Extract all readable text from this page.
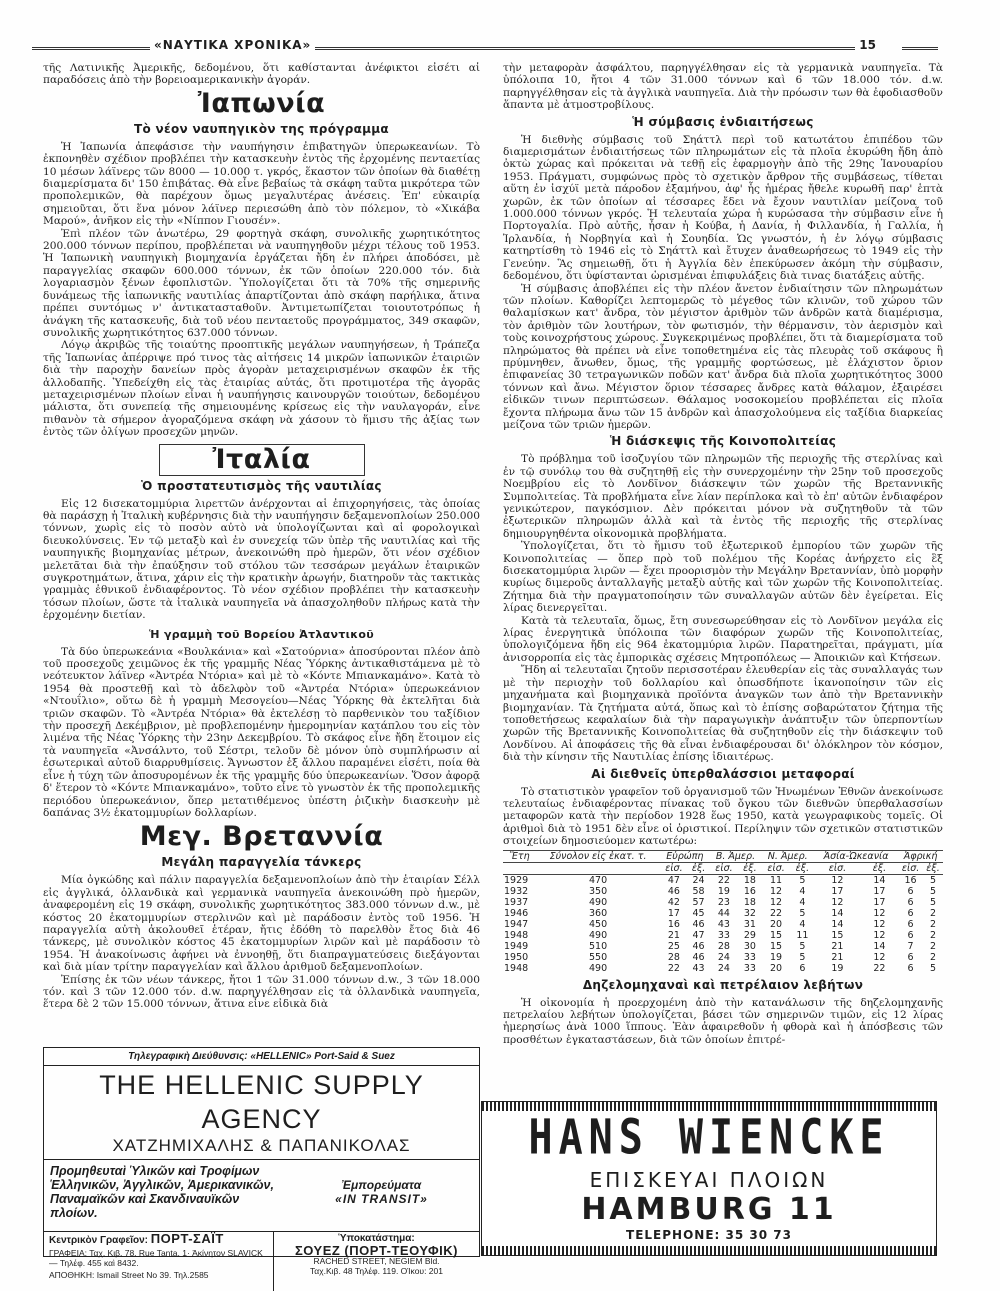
«ΝΑΥΤΙΚΑ ΧΡΟΝΙΚΑ»	15

τῆς Λατινικῆς Ἀμερικῆς, δεδομένου, ὅτι καθίστανται ἀνέφικτοι εἰσέτι αἱ παραδόσεις ἀπὸ τὴν βορειοαμερικανικὴν ἀγοράν.

Ἰαπωνία
Τὸ νέον ναυπηγικὸν της πρόγραμμα

Ἡ Ἰαπωνία ἀπεφάσισε τὴν ναυπήγησιν ἐπιβατηγῶν ὑπερωκεανίων. Τὸ ἐκπονηθὲν σχέδιον προβλέπει τὴν κατασκευὴν ἐντὸς τῆς ἐρχομένης πενταετίας 10 μέσων λάϊνερς τῶν 8000 — 10.000 τ. γκρός, ἕκαστον τῶν ὁποίων θὰ διαθέτῃ διαμερίσματα δι' 150 ἐπιβάτας. Θὰ εἶνε βεβαίως τὰ σκάφη ταῦτα μικρότερα τῶν προπολεμικῶν, θὰ παρέχουν ὅμως μεγαλυτέρας ἀνέσεις. Ἐπ' εὐκαιρίᾳ σημειοῦται, ὅτι ἕνα μόνον λάϊνερ περιεσώθη ἀπὸ τὸν πόλεμον, τὸ «Χικάβα Μαρού», ἀνῆκον εἰς τὴν «Νίππον Γιουσέν».

Ἐπὶ πλέον τῶν ἀνωτέρω, 29 φορτηγὰ σκάφη, συνολικῆς χωρητικότητος 200.000 τόννων περίπου, προβλέπεται νὰ ναυπηγηθοῦν μέχρι τέλους τοῦ 1953. Ἡ Ἰαπωνικὴ ναυπηγικὴ βιομηχανία ἐργάζεται ἤδη ἐν πλήρει ἀποδόσει, μὲ παραγγελίας σκαφῶν 600.000 τόννων, ἐκ τῶν ὁποίων 220.000 τόν. διὰ λογαριασμὸν ξένων ἐφοπλιστῶν. Ὑπολογίζεται ὅτι τὰ 70% τῆς σημερινῆς δυνάμεως τῆς ἰαπωνικῆς ναυτιλίας ἀπαρτίζονται ἀπὸ σκάφη παρήλικα, ἅτινα πρέπει συντόμως ν' ἀντικατασταθοῦν. Ἀντιμετωπίζεται τοιουτοτρόπως ἡ ἀνάγκη τῆς κατασκευῆς, διὰ τοῦ νέου πενταετοῦς προγράμματος, 349 σκαφῶν, συνολικῆς χωρητικότητος 637.000 τόννων.

Λόγῳ ἀκριβῶς τῆς τοιαύτης προοπτικῆς μεγάλων ναυπηγήσεων, ἡ Τράπεζα τῆς Ἰαπωνίας ἀπέρριψε πρό τινος τὰς αἰτήσεις 14 μικρῶν ἰαπωνικῶν ἑταιριῶν διὰ τὴν παροχὴν δανείων πρὸς ἀγορὰν μεταχειρισμένων σκαφῶν ἐκ τῆς ἀλλοδαπῆς. Ὑπεδείχθη εἰς τὰς ἑταιρίας αὐτάς, ὅτι προτιμοτέρα τῆς ἀγορᾶς μεταχειρισμένων πλοίων εἶναι ἡ ναυπήγησις καινουργῶν τοιούτων, δεδομένου μάλιστα, ὅτι συνεπείᾳ τῆς σημειουμένης κρίσεως εἰς τὴν ναυλαγοράν, εἶνε πιθανὸν τὰ σήμερον ἀγοραζόμενα σκάφη νὰ χάσουν τὸ ἥμισυ τῆς ἀξίας των ἐντὸς τῶν ὀλίγων προσεχῶν μηνῶν.

Ἰταλία
Ὁ προστατευτισμὸς τῆς ναυτιλίας

Εἰς 12 δισεκατομμύρια λιρεττῶν ἀνέρχονται αἱ ἐπιχορηγήσεις, τὰς ὁποίας θὰ παράσχῃ ἡ Ἰταλικὴ κυβέρνησις διὰ τὴν ναυπήγησιν δεξαμενοπλοίων 250.000 τόννων, χωρὶς εἰς τὸ ποσὸν αὐτὸ νὰ ὑπολογίζωνται καὶ αἱ φορολογικαὶ διευκολύνσεις. Ἐν τῷ μεταξὺ καὶ ἐν συνεχείᾳ τῶν ὑπὲρ τῆς ναυτιλίας καὶ τῆς ναυπηγικῆς βιομηχανίας μέτρων, ἀνεκοινώθη πρὸ ἡμερῶν, ὅτι νέον σχέδιον μελετᾶται διὰ τὴν ἐπαύξησιν τοῦ στόλου τῶν τεσσάρων μεγάλων ἑταιρικῶν συγκροτημάτων, ἅτινα, χάριν εἰς τὴν κρατικὴν ἀρωγήν, διατηροῦν τὰς τακτικὰς γραμμὰς ἐθνικοῦ ἐνδιαφέροντος. Τὸ νέον σχέδιον προβλέπει τὴν κατασκευὴν τόσων πλοίων, ὥστε τὰ ἰταλικὰ ναυπηγεῖα νὰ ἀπασχοληθοῦν πλήρως κατὰ τὴν ἐρχομένην διετίαν.

Ἡ γραμμὴ τοῦ Βορείου Ἀτλαντικοῦ

Τὰ δύο ὑπερωκεάνια «Βουλκάνια» καὶ «Σατούρνια» ἀποσύρονται πλέον ἀπὸ τοῦ προσεχοῦς χειμῶνος ἐκ τῆς γραμμῆς Νέας Ὑόρκης ἀντικαθιστάμενα μὲ τὸ νεότευκτον λάϊνερ «Ἀντρέα Ντόρια» καὶ μὲ τὸ «Κόντε Μπιανκαμάνο». Κατὰ τὸ 1954 θὰ προστεθῇ καὶ τὸ ἀδελφὸν τοῦ «Ἀντρέα Ντόρια» ὑπερωκεάνιον «Ντουΐλιο», οὕτω δὲ ἡ γραμμὴ Μεσογείου—Νέας Ὑόρκης θὰ ἐκτελῆται διὰ τριῶν σκαφῶν. Τὸ «Ἀντρέα Ντόρια» θὰ ἐκτελέσῃ τὸ παρθενικὸν του ταξίδιον τὴν προσεχῆ Δεκέμβριον, μὲ προβλεπομένην ἡμερομηνίαν κατάπλου του εἰς τὸν λιμένα τῆς Νέας Ὑόρκης τὴν 23ην Δεκεμβρίου. Τὸ σκάφος εἶνε ἤδη ἕτοιμον εἰς τὰ ναυπηγεῖα «Ἀνσάλντο, τοῦ Σέστρι, τελοῦν δὲ μόνον ὑπὸ συμπλήρωσιν αἱ ἐσωτερικαὶ αὐτοῦ διαρρυθμίσεις. Ἄγνωστον ἐξ ἄλλου παραμένει εἰσέτι, ποία θὰ εἶνε ἡ τύχη τῶν ἀποσυρομένων ἐκ τῆς γραμμῆς δύο ὑπερωκεανίων. Ὅσον ἀφορᾷ δ' ἕτερον τὸ «Κόντε Μπιανκαμάνο», τοῦτο εἶνε τὸ γνωστὸν ἐκ τῆς προπολεμικῆς περιόδου ὑπερωκεάνιον, ὅπερ μετατιθέμενος ὑπέστη ῥιζικὴν διασκευὴν μὲ δαπάνας 3½ ἑκατομμυρίων δολλαρίων.

Μεγ. Βρεταννία
Μεγάλη παραγγελία τάνκερς

Μία ὀγκώδης καὶ πάλιν παραγγελία δεξαμενοπλοίων ἀπὸ τὴν ἑταιρίαν Σέλλ εἰς ἀγγλικά, ὀλλανδικὰ καὶ γερμανικὰ ναυπηγεῖα ἀνεκοινώθη πρὸ ἡμερῶν, ἀναφερομένη εἰς 19 σκάφη, συνολικῆς χωρητικότητος 383.000 τόννων d.w., μὲ κόστος 20 ἑκατομμυρίων στερλινῶν καὶ μὲ παράδοσιν ἐντὸς τοῦ 1956. Ἡ παραγγελία αὐτὴ ἀκολουθεῖ ἑτέραν, ἤτις ἐδόθη τὸ παρελθὸν ἔτος διὰ 46 τάνκερς, μὲ συνολικὸν κόστος 45 ἑκατομμυρίων λιρῶν καὶ μὲ παράδοσιν τὸ 1954. Ἡ ἀνακοίνωσις ἀφήνει νὰ ἐννοηθῇ, ὅτι διαπραγματεύσεις διεξάγονται καὶ διὰ μίαν τρίτην παραγγελίαν καὶ ἄλλου ἀριθμοῦ δεξαμενοπλοίων.

Ἐπίσης ἐκ τῶν νέων τάνκερς, ἤτοι 1 τῶν 31.000 τόννων d.w., 3 τῶν 18.000 τόν. καὶ 3 τῶν 12.000 τόν. d.w. παρηγγέλθησαν εἰς τὰ ὀλλανδικὰ ναυπηγεῖα, ἕτερα δὲ 2 τῶν 15.000 τόννων, ἅτινα εἶνε εἰδικὰ διὰ

τὴν μεταφορὰν ἀσφάλτου, παρηγγέλθησαν εἰς τὰ γερμανικὰ ναυπηγεῖα. Τὰ ὑπόλοιπα 10, ἤτοι 4 τῶν 31.000 τόννων καὶ 6 τῶν 18.000 τόν. d.w. παρηγγέλθησαν εἰς τὰ ἀγγλικὰ ναυπηγεῖα. Διὰ τὴν πρόωσιν των θὰ ἐφοδιασθοῦν ἅπαντα μὲ ἀτμοστροβίλους.

Ἡ σύμβασις ἐνδιαιτήσεως

Ἡ διεθνὴς σύμβασις τοῦ Σηάττλ περὶ τοῦ κατωτάτου ἐπιπέδου τῶν διαμερισμάτων ἐνδιαιτήσεως τῶν πληρωμάτων εἰς τὰ πλοῖα ἐκυρώθη ἤδη ἀπὸ ὀκτὼ χώρας καὶ πρόκειται νὰ τεθῇ εἰς ἐφαρμογὴν ἀπὸ τῆς 29ης Ἰανουαρίου 1953. Πράγματι, συμφώνως πρὸς τὸ σχετικὸν ἄρθρον τῆς συμβάσεως, τίθεται αὕτη ἐν ἰσχύϊ μετὰ πάροδον ἐξαμήνου, ἀφ' ἧς ἡμέρας ἤθελε κυρωθῆ παρ' ἑπτὰ χωρῶν, ἐκ τῶν ὁποίων αἱ τέσσαρες ἔδει νὰ ἔχουν ναυτιλίαν μείζονα τοῦ 1.000.000 τόννων γκρός. Ἡ τελευταία χώρα ἡ κυρώσασα τὴν σύμβασιν εἶνε ἡ Πορτογαλία. Πρὸ αὐτῆς, ἦσαν ἡ Κούβα, ἡ Δανία, ἡ Φιλλανδία, ἡ Γαλλία, ἡ Ἰρλανδία, ἡ Νορβηγία καὶ ἡ Σουηδία. Ὡς γνωστόν, ἡ ἐν λόγῳ σύμβασις κατηρτίσθη τὸ 1946 εἰς τὸ Σηάττλ καὶ ἔτυχεν ἀναθεωρήσεως τὸ 1949 εἰς τὴν Γενεύην. Ἃς σημειωθῇ, ὅτι ἡ Ἀγγλία δὲν ἐπεκύρωσεν ἀκόμη τὴν σύμβασιν, δεδομένου, ὅτι ὑφίστανται ὡρισμέναι ἐπιφυλάξεις διὰ τινας διατάξεις αὐτῆς.

Ἡ σύμβασις ἀποβλέπει εἰς τὴν πλέον ἄνετον ἐνδιαίτησιν τῶν πληρωμάτων τῶν πλοίων. Καθορίζει λεπτομερῶς τὸ μέγεθος τῶν κλινῶν, τοῦ χώρου τῶν θαλαμίσκων κατ' ἄνδρα, τὸν μέγιστον ἀριθμὸν τῶν ἀνδρῶν κατὰ διαμέρισμα, τὸν ἀριθμὸν τῶν λουτήρων, τὸν φωτισμόν, τὴν θέρμανσιν, τὸν ἀερισμὸν καὶ τοὺς κοινοχρήστους χώρους. Συγκεκριμένως προβλέπει, ὅτι τὰ διαμερίσματα τοῦ πληρώματος θὰ πρέπει νὰ εἶνε τοποθετημένα εἰς τὰς πλευρὰς τοῦ σκάφους ἢ πρύμνηθεν, ἄνωθεν, ὅμως, τῆς γραμμῆς φορτώσεως, μὲ ἐλάχιστον ὅριον ἐπιφανείας 30 τετραγωνικῶν ποδῶν κατ' ἄνδρα διὰ πλοῖα χωρητικότητος 3000 τόννων καὶ ἄνω. Μέγιστον ὅριον τέσσαρες ἄνδρες κατὰ θάλαμον, ἐξαιρέσει εἰδικῶν τινων περιπτώσεων. Θάλαμος νοσοκομείου προβλέπεται εἰς πλοῖα ἔχοντα πλήρωμα ἄνω τῶν 15 ἀνδρῶν καὶ ἀπασχολούμενα εἰς ταξίδια διαρκείας μείζονα τῶν τριῶν ἡμερῶν.

Ἡ διάσκεψις τῆς Κοινοπολιτείας

Τὸ πρόβλημα τοῦ ἰσοζυγίου τῶν πληρωμῶν τῆς περιοχῆς τῆς στερλίνας καὶ ἐν τῷ συνόλῳ του θὰ συζητηθῇ εἰς τὴν συνερχομένην τὴν 25ην τοῦ προσεχοῦς Νοεμβρίου εἰς τὸ Λονδῖνον διάσκεψιν τῶν χωρῶν τῆς Βρεταννικῆς Συμπολιτείας. Τὰ προβλήματα εἶνε λίαν περίπλοκα καὶ τὸ ἐπ' αὐτῶν ἐνδιαφέρον γενικώτερον, παγκόσμιον. Δὲν πρόκειται μόνον νὰ συζητηθοῦν τὰ τῶν ἐξωτερικῶν πληρωμῶν ἀλλὰ καὶ τὰ ἐντὸς τῆς περιοχῆς τῆς στερλίνας δημιουργηθέντα οἰκονομικὰ προβλήματα.

Ὑπολογίζεται, ὅτι τὸ ἥμισυ τοῦ ἐξωτερικοῦ ἐμπορίου τῶν χωρῶν τῆς Κοινοπολιτείας — ὅπερ πρὸ τοῦ πολέμου τῆς Κορέας ἀνήρχετο εἰς ἓξ δισεκατομμύρια λιρῶν — ἔχει προορισμὸν τὴν Μεγάλην Βρεταννίαν, ὑπὸ μορφὴν κυρίως διμεροῦς ἀνταλλαγῆς μεταξὺ αὐτῆς καὶ τῶν χωρῶν τῆς Κοινοπολιτείας. Ζήτημα διὰ τὴν πραγματοποίησιν τῶν συναλλαγῶν αὐτῶν δὲν ἐγείρεται. Εἰς λίρας διενεργεῖται.

Κατὰ τὰ τελευταῖα, ὅμως, ἔτη συνεσωρεύθησαν εἰς τὸ Λονδῖνον μεγάλα εἰς λίρας ἐνεργητικὰ ὑπόλοιπα τῶν διαφόρων χωρῶν τῆς Κοινοπολιτείας, ὑπολογιζόμενα ἤδη εἰς 964 ἑκατομμύρια λιρῶν. Παρατηρεῖται, πράγματι, μία ἀνισορροπία εἰς τὰς ἐμπορικὰς σχέσεις Μητροπόλεως — Ἀποικιῶν καὶ Κτήσεων.

Ἤδη αἱ τελευταῖαι ζητοῦν περισσοτέραν ἐλευθερίαν εἰς τὰς συναλλαγάς των μὲ τὴν περιοχὴν τοῦ δολλαρίου καὶ ὁπωσδήποτε ἱκανοποίησιν τῶν εἰς μηχανήματα καὶ βιομηχανικὰ προϊόντα ἀναγκῶν των ἀπὸ τὴν Βρεταννικὴν βιομηχανίαν. Τὰ ζητήματα αὐτά, ὅπως καὶ τὸ ἐπίσης σοβαρώτατον ζήτημα τῆς τοποθετήσεως κεφαλαίων διὰ τὴν παραγωγικὴν ἀνάπτυξιν τῶν ὑπερποντίων χωρῶν τῆς Βρεταννικῆς Κοινοπολιτείας θὰ συζητηθοῦν εἰς τὴν διάσκεψιν τοῦ Λονδίνου. Αἱ ἀποφάσεις τῆς θὰ εἶναι ἐνδιαφέρουσαι δι' ὁλόκληρον τὸν κόσμον, διὰ τὴν κίνησιν τῆς Ναυτιλίας ἐπίσης ἰδιαιτέρως.

Αἱ διεθνεῖς ὑπερθαλάσσιοι μεταφοραί

Τὸ στατιστικὸν γραφεῖον τοῦ ὀργανισμοῦ τῶν Ἡνωμένων Ἐθνῶν ἀνεκοίνωσε τελευταίως ἐνδιαφέροντας πίνακας τοῦ ὄγκου τῶν διεθνῶν ὑπερθαλασσίων μεταφορῶν κατὰ τὴν περίοδον 1928 ἕως 1950, κατὰ γεωγραφικοὺς τομεῖς. Οἱ ἀριθμοὶ διὰ τὸ 1951 δὲν εἶνε οἱ ὁριστικοί. Περίληψιν τῶν σχετικῶν στατιστικῶν στοιχείων δημοσιεύομεν κατωτέρω:

Ἔτη	Σύνολον εἰς ἑκατ. τ.	Εὐρώπη		Β. Ἀμερ.		Ν. Ἀμερ.		Ἀσία-Ὠκεανία		Ἀφρική	
		εἰσ.	ἐξ.	εἰσ.	ἐξ.	εἰσ.	ἐξ.	εἰσ.	ἐξ.	εἰσ.	ἐξ.
1929	470	47	24	22	18	11	5	12	14	16	5
1932	350	46	58	19	16	12	4	17	17	6	5
1937	490	42	57	23	18	12	4	12	17	6	5
1946	360	17	45	44	32	22	5	14	12	6	2
1947	450	16	46	43	31	20	4	14	12	6	2
1948	490	21	47	33	29	15	11	15	12	6	2
1949	510	25	46	28	30	15	5	21	14	7	2
1950	550	28	46	24	33	19	5	21	12	6	2
1948	490	22	43	24	33	20	6	19	22	6	5
Δηζελομηχαναὶ καὶ πετρέλαιον λεβήτων

Ἡ οἰκονομία ἡ προερχομένη ἀπὸ τὴν κατανάλωσιν τῆς δηζελομηχανῆς πετρελαίου λεβήτων ὑπολογίζεται, βάσει τῶν σημερινῶν τιμῶν, εἰς 12 λίρας ἡμερησίως ἀνὰ 1000 ἵππους. Ἐὰν ἀφαιρεθοῦν ἡ φθορὰ καὶ ἡ ἀπόσβεσις τῶν προσθέτων ἐγκαταστάσεων, διὰ τῶν ὁποίων ἐπιτρέ-

Τηλεγραφικὴ Διεύθυνσις: «HELLENIC» Port-Said & Suez
THE HELLENIC SUPPLY AGENCY
ΧΑΤΖΗΜΙΧΑΛΗΣ & ΠΑΠΑΝΙΚΟΛΑΣ
Προμηθευταὶ Ὑλικῶν καὶ Τροφίμων Ἑλληνικῶν, Ἀγγλικῶν, Ἀμερικανικῶν, Παναμαϊκῶν καὶ Σκανδιναυϊκῶν πλοίων.
Ἐμπορεύματα
«IN TRANSIT»
Κεντρικὸν Γραφεῖον: ΠΟΡΤ-ΣΑΪΤ
ΓΡΑΦΕΙΑ: Ταχ. Κιβ. 78. Rue Tanta, 1· Ἀκίνητον SLAVICK— Τηλέφ. 455 καὶ 8432.
ΑΠΟΘΗΚΗ: Ismail Street No 39. Τηλ.2585
Ὑποκατάστημα:
ΣΟΥΕΖ (ΠΟΡΤ-ΤΕΟΥΦΙΚ)
RACHED STREET, NEGIEM Bld.
Ταχ.Κιβ. 48 Τηλέφ. 119. ΟΊκου: 201
HANS WIENCKE
ΕΠΙΣΚΕΥΑΙ ΠΛΟΙΩΝ
HAMBURG 11
TELEPHONE: 35 30 73
